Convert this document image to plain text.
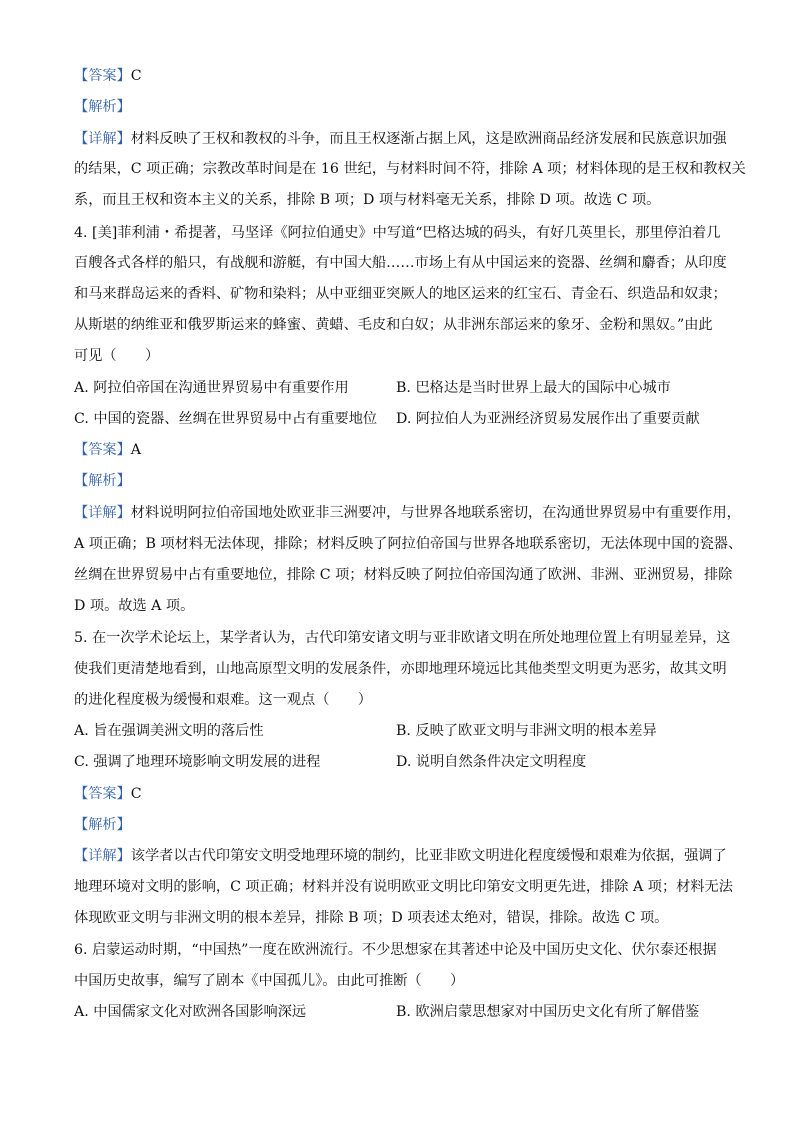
【答案】C
【解析】
【详解】材料反映了王权和教权的斗争，而且王权逐渐占据上风，这是欧洲商品经济发展和民族意识加强
的结果，C 项正确；宗教改革时间是在 16 世纪，与材料时间不符，排除 A 项；材料体现的是王权和教权关
系，而且王权和资本主义的关系，排除 B 项；D 项与材料毫无关系，排除 D 项。故选 C 项。
4. [美]菲利浦・希提著，马坚译《阿拉伯通史》中写道“巴格达城的码头，有好几英里长，那里停泊着几
百艘各式各样的船只，有战舰和游艇，有中国大船……市场上有从中国运来的瓷器、丝绸和麝香；从印度
和马来群岛运来的香料、矿物和染料；从中亚细亚突厥人的地区运来的红宝石、青金石、织造品和奴隶；
从斯堪的纳维亚和俄罗斯运来的蜂蜜、黄蜡、毛皮和白奴；从非洲东部运来的象牙、金粉和黑奴。”由此
可见（　　）
A. 阿拉伯帝国在沟通世界贸易中有重要作用	B. 巴格达是当时世界上最大的国际中心城市
C. 中国的瓷器、丝绸在世界贸易中占有重要地位 D. 阿拉伯人为亚洲经济贸易发展作出了重要贡献
【答案】A
【解析】
【详解】材料说明阿拉伯帝国地处欧亚非三洲要冲，与世界各地联系密切，在沟通世界贸易中有重要作用，
A 项正确；B 项材料无法体现，排除；材料反映了阿拉伯帝国与世界各地联系密切，无法体现中国的瓷器、
丝绸在世界贸易中占有重要地位，排除 C 项；材料反映了阿拉伯帝国沟通了欧洲、非洲、亚洲贸易，排除
D 项。故选 A 项。
5. 在一次学术论坛上，某学者认为，古代印第安诸文明与亚非欧诸文明在所处地理位置上有明显差异，这
使我们更清楚地看到，山地高原型文明的发展条件，亦即地理环境远比其他类型文明更为恶劣，故其文明
的进化程度极为缓慢和艰难。这一观点（　　）
A. 旨在强调美洲文明的落后性	B. 反映了欧亚文明与非洲文明的根本差异
C. 强调了地理环境影响文明发展的进程	D. 说明自然条件决定文明程度
【答案】C
【解析】
【详解】该学者以古代印第安文明受地理环境的制约，比亚非欧文明进化程度缓慢和艰难为依据，强调了
地理环境对文明的影响，C 项正确；材料并没有说明欧亚文明比印第安文明更先进，排除 A 项；材料无法
体现欧亚文明与非洲文明的根本差异，排除 B 项；D 项表述太绝对，错误，排除。故选 C 项。
6. 启蒙运动时期，“中国热”一度在欧洲流行。不少思想家在其著述中论及中国历史文化、伏尔泰还根据
中国历史故事，编写了剧本《中国孤儿》。由此可推断（　　）
A. 中国儒家文化对欧洲各国影响深远	B. 欧洲启蒙思想家对中国历史文化有所了解借鉴
